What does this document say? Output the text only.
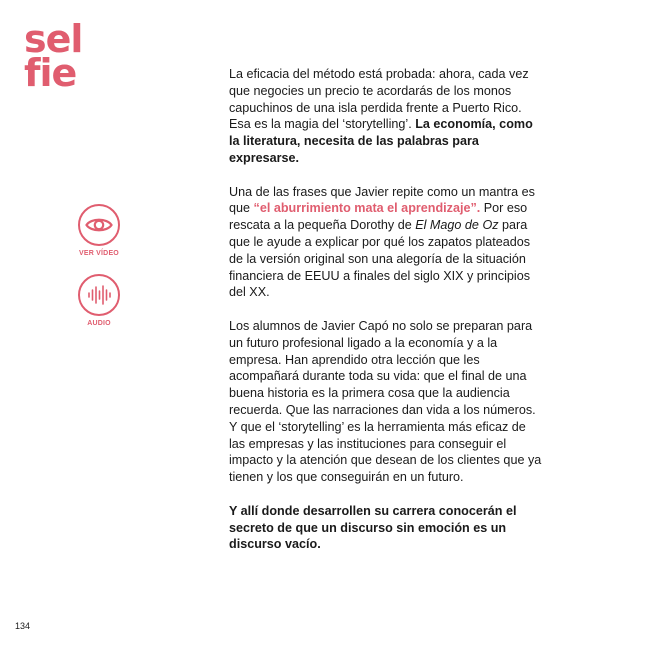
sel
fie
VER VÍDEO
AUDIO

La eficacia del método está probada: ahora, cada vez que negocies un precio te acordarás de los monos capuchinos de una isla perdida frente a Puerto Rico. Esa es la magia del ‘storytelling’. La economía, como la literatura, necesita de las palabras para expresarse.

Una de las frases que Javier repite como un mantra es que “el aburrimiento mata el aprendizaje”. Por eso rescata a la pequeña Dorothy de El Mago de Oz para que le ayude a explicar por qué los zapatos plateados de la versión original son una alegoría de la situación financiera de EEUU a finales del siglo XIX y principios del XX.

Los alumnos de Javier Capó no solo se preparan para un futuro profesional ligado a la economía y a la empresa. Han aprendido otra lección que les acompañará durante toda su vida: que el final de una buena historia es la primera cosa que la audiencia recuerda. Que las narraciones dan vida a los números. Y que el ‘storytelling’ es la herramienta más eficaz de las empresas y las instituciones para conseguir el impacto y la atención que desean de los clientes que ya tienen y los que conseguirán en un futuro.

Y allí donde desarrollen su carrera conocerán el secreto de que un discurso sin emoción es un discurso vacío.

134
